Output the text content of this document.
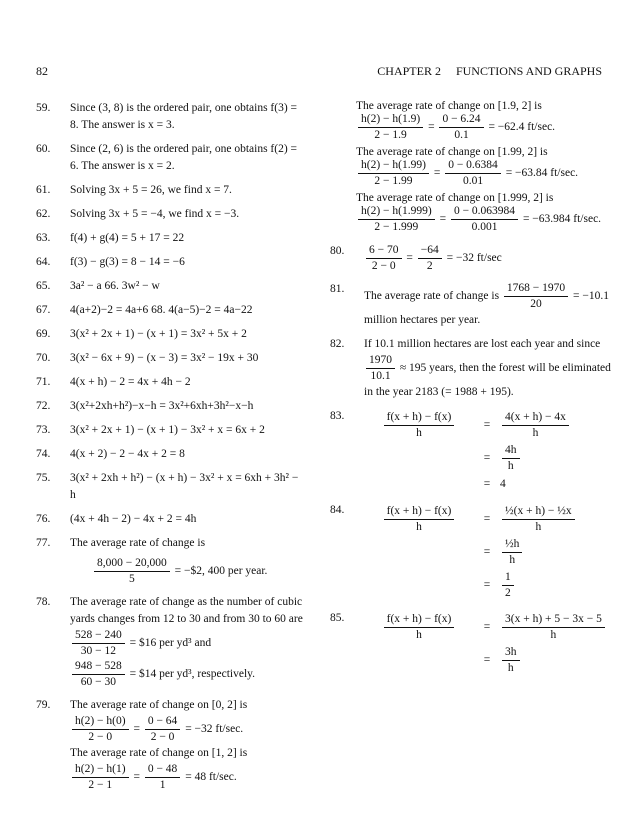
82	CHAPTER 2     FUNCTIONS AND GRAPHS
59.	Since (3, 8) is the ordered pair, one obtains f(3) = 8. The answer is x = 3.
60.	Since (2, 6) is the ordered pair, one obtains f(2) = 6. The answer is x = 2.
61.	Solving 3x + 5 = 26, we find x = 7.
62.	Solving 3x + 5 = −4, we find x = −3.
63.	f(4) + g(4) = 5 + 17 = 22
64.	f(3) − g(3) = 8 − 14 = −6
65.	3a² − a 66. 3w² − w
67.	4(a+2)−2 = 4a+6 68. 4(a−5)−2 = 4a−22
69.	3(x² + 2x + 1) − (x + 1) = 3x² + 5x + 2
70.	3(x² − 6x + 9) − (x − 3) = 3x² − 19x + 30
71.	4(x + h) − 2 = 4x + 4h − 2
72.	3(x²+2xh+h²)−x−h = 3x²+6xh+3h²−x−h
73.	3(x² + 2x + 1) − (x + 1) − 3x² + x = 6x + 2
74.	4(x + 2) − 2 − 4x + 2 = 8
75.	3(x² + 2xh + h²) − (x + h) − 3x² + x = 6xh + 3h² − h
76.	(4x + 4h − 2) − 4x + 2 = 4h
77.	The average rate of change is
$\frac{8,000 - 20,000}{5}$ = −$2, 400 per year.
78.	The average rate of change as the number of cubic yards changes from 12 to 30 and from 30 to 60 are
$\frac{528 - 240}{30 - 12}$ = $16 per yd³ and
$\frac{948 - 528}{60 - 30}$ = $14 per yd³, respectively.
79.	The average rate of change on [0, 2] is
$\frac{h(2) - h(0)}{2 - 0} = \frac{0 - 64}{2 - 0} = -32$ ft/sec.
The average rate of change on [1, 2] is
$\frac{h(2) - h(1)}{2 - 1} = \frac{0 - 48}{1} = 48$ ft/sec.
The average rate of change on [1.9, 2] is
$\frac{h(2) - h(1.9)}{2 - 1.9} = \frac{0 - 6.24}{0.1} = -62.4$ ft/sec.
The average rate of change on [1.99, 2] is
$\frac{h(2) - h(1.99)}{2 - 1.99} = \frac{0 - 0.6384}{0.01} = -63.84$ ft/sec.
The average rate of change on [1.999, 2] is
$\frac{h(2) - h(1.999)}{2 - 1.999} = \frac{0 - 0.063984}{0.001} = -63.984$ ft/sec.
80.	$\frac{6 - 70}{2 - 0} = \frac{-64}{2} = -32$ ft/sec
81.
The average rate of change is $\frac{1768 - 1970}{20} = -10.1$ million hectares per year.
82.	If 10.1 million hectares are lost each year and since
$\frac{1970}{10.1} \approx 195$ years, then the forest will be eliminated in the year 2183 (= 1988 + 195).
83.	$\frac{f(x + h) - f(x)}{h}$	=	$\frac{4(x + h) - 4x}{h}$
=	$\frac{4h}{h}$
= 4
84.	$\frac{f(x + h) - f(x)}{h}$	=	$\frac{\text{½(x + h) − ½x}}{h}$
=	$\frac{\text{½h}}{h}$
=	$\frac{1}{2}$
85.	$\frac{f(x + h) - f(x)}{h}$	=	$\frac{3(x + h) + 5 - 3x - 5}{h}$
=	$\frac{3h}{h}$
